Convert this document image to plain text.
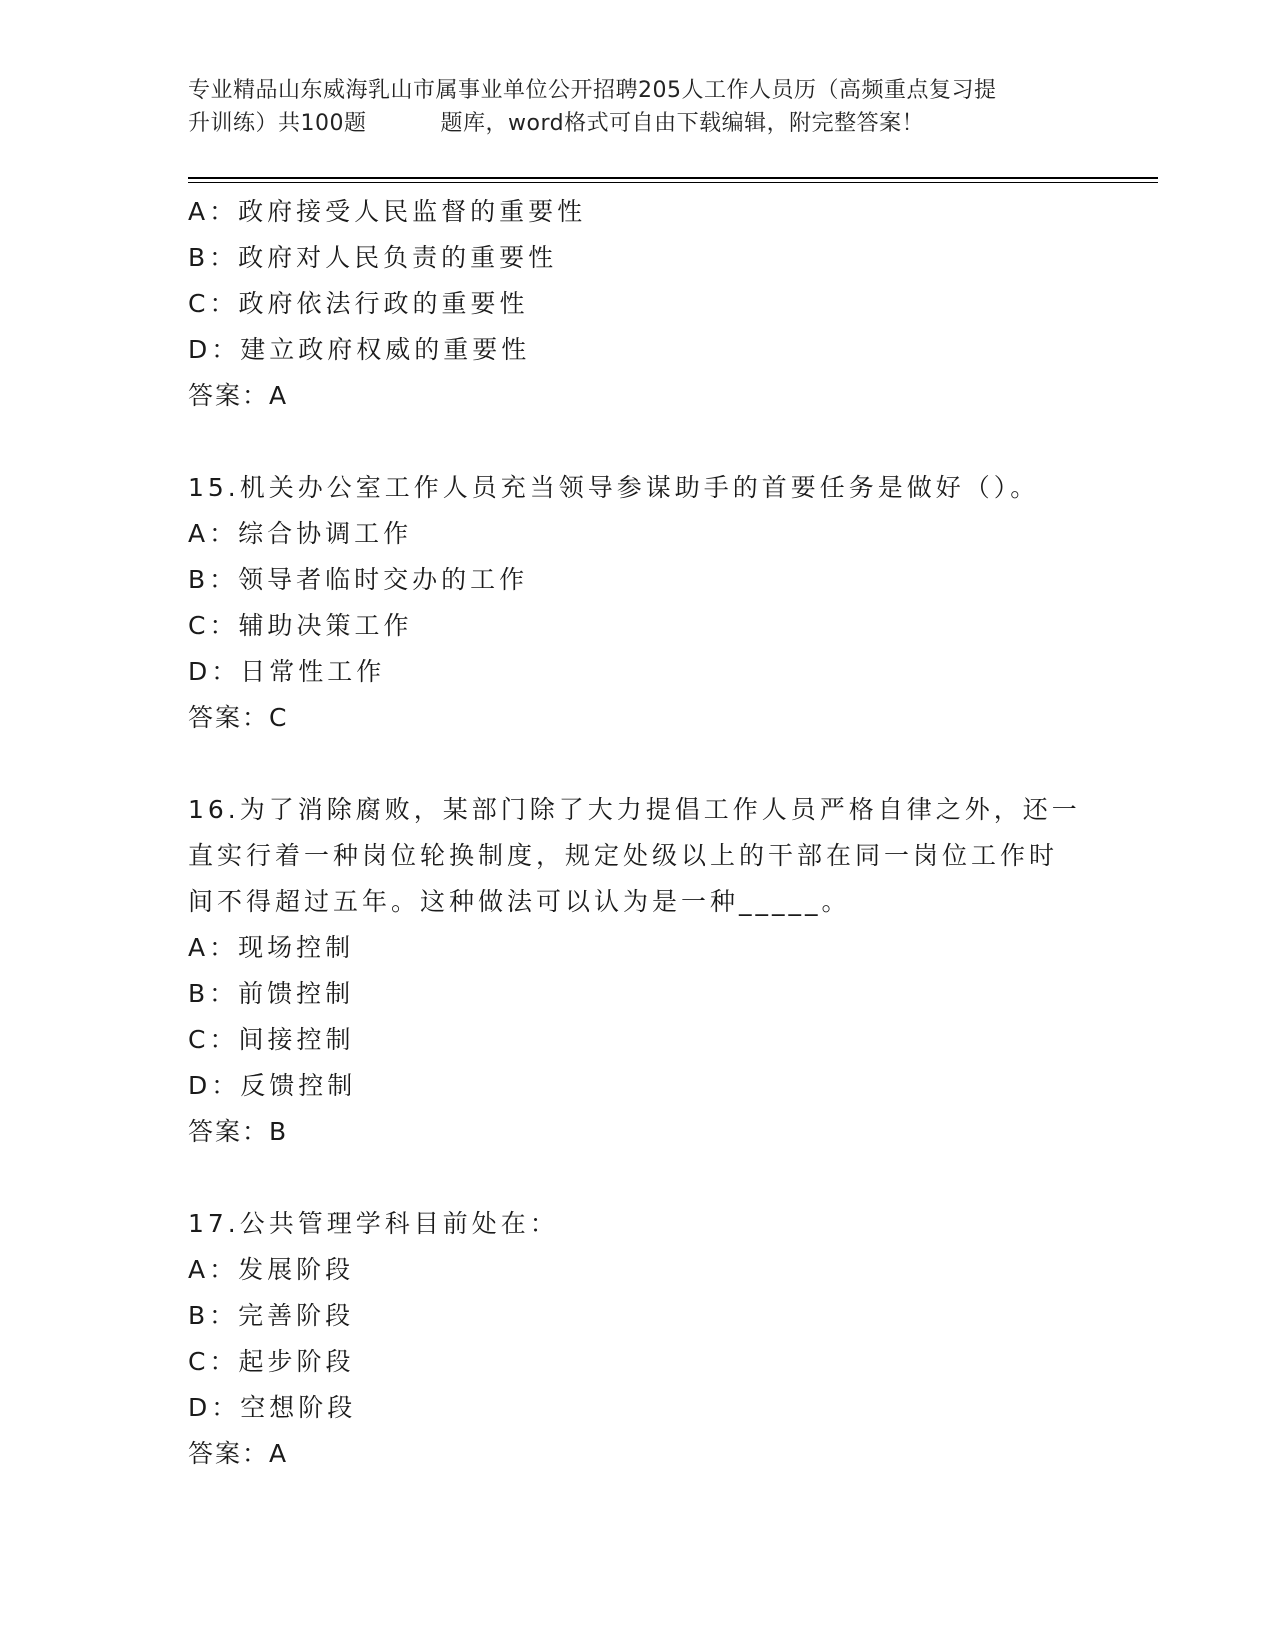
专业精品山东威海乳山市属事业单位公开招聘205人工作人员历（高频重点复习提
升训练）共100题	题库，word格式可自由下载编辑，附完整答案！
A：政府接受人民监督的重要性
B：政府对人民负责的重要性
C：政府依法行政的重要性
D：建立政府权威的重要性
答案：A
15.机关办公室工作人员充当领导参谋助手的首要任务是做好（）。
A：综合协调工作
B：领导者临时交办的工作
C：辅助决策工作
D：日常性工作
答案：C
16.为了消除腐败，某部门除了大力提倡工作人员严格自律之外，还一
直实行着一种岗位轮换制度，规定处级以上的干部在同一岗位工作时
间不得超过五年。这种做法可以认为是一种_____。
A：现场控制
B：前馈控制
C：间接控制
D：反馈控制
答案：B
17.公共管理学科目前处在：
A：发展阶段
B：完善阶段
C：起步阶段
D：空想阶段
答案：A
